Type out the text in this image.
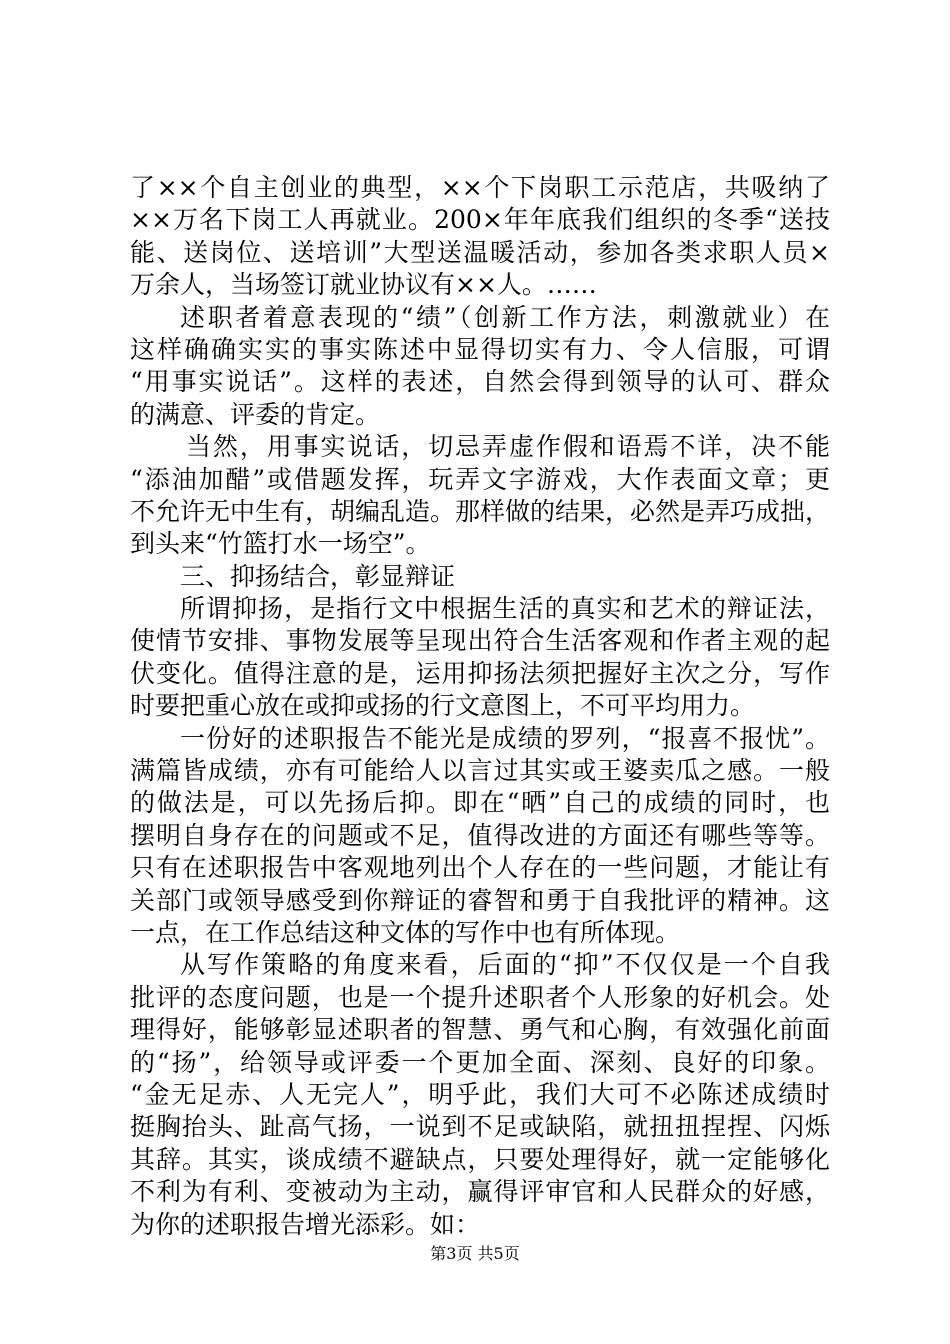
了××个自主创业的典型，××个下岗职工示范店，共吸纳了
××万名下岗工人再就业。200×年年底我们组织的冬季“送技
能、送岗位、送培训”大型送温暖活动，参加各类求职人员×
万余人，当场签订就业协议有××人。……
述职者着意表现的“绩”（创新工作方法，刺激就业）在
这样确确实实的事实陈述中显得切实有力、令人信服，可谓
“用事实说话”。这样的表述，自然会得到领导的认可、群众
的满意、评委的肯定。
当然，用事实说话，切忌弄虚作假和语焉不详，决不能
“添油加醋”或借题发挥，玩弄文字游戏，大作表面文章；更
不允许无中生有，胡编乱造。那样做的结果，必然是弄巧成拙，
到头来“竹篮打水一场空”。
三、抑扬结合，彰显辩证
所谓抑扬，是指行文中根据生活的真实和艺术的辩证法，
使情节安排、事物发展等呈现出符合生活客观和作者主观的起
伏变化。值得注意的是，运用抑扬法须把握好主次之分，写作
时要把重心放在或抑或扬的行文意图上，不可平均用力。
一份好的述职报告不能光是成绩的罗列，“报喜不报忧”。
满篇皆成绩，亦有可能给人以言过其实或王婆卖瓜之感。一般
的做法是，可以先扬后抑。即在“晒”自己的成绩的同时，也
摆明自身存在的问题或不足，值得改进的方面还有哪些等等。
只有在述职报告中客观地列出个人存在的一些问题，才能让有
关部门或领导感受到你辩证的睿智和勇于自我批评的精神。这
一点，在工作总结这种文体的写作中也有所体现。
从写作策略的角度来看，后面的“抑”不仅仅是一个自我
批评的态度问题，也是一个提升述职者个人形象的好机会。处
理得好，能够彰显述职者的智慧、勇气和心胸，有效强化前面
的“扬”，给领导或评委一个更加全面、深刻、良好的印象。
“金无足赤、人无完人”，明乎此，我们大可不必陈述成绩时
挺胸抬头、趾高气扬，一说到不足或缺陷，就扭扭捏捏、闪烁
其辞。其实，谈成绩不避缺点，只要处理得好，就一定能够化
不利为有利、变被动为主动，赢得评审官和人民群众的好感，
为你的述职报告增光添彩。如：
第3页 共5页
